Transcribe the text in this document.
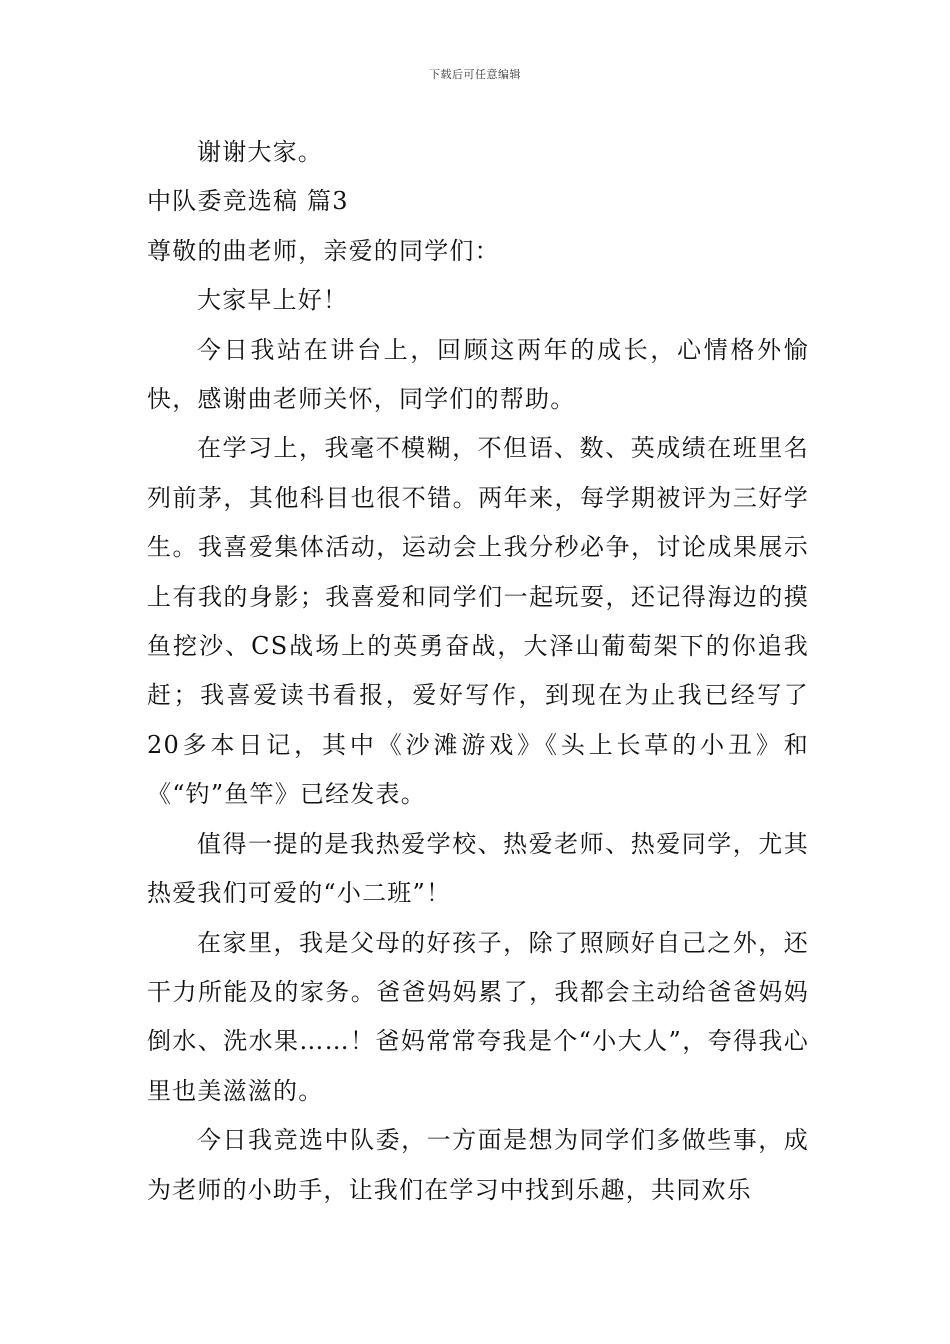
下载后可任意编辑

谢谢大家。

中队委竞选稿 篇3

尊敬的曲老师，亲爱的同学们：

大家早上好！

今日我站在讲台上，回顾这两年的成长，心情格外愉快，感谢曲老师关怀，同学们的帮助。

在学习上，我毫不模糊，不但语、数、英成绩在班里名列前茅，其他科目也很不错。两年来，每学期被评为三好学生。我喜爱集体活动，运动会上我分秒必争，讨论成果展示上有我的身影；我喜爱和同学们一起玩耍，还记得海边的摸鱼挖沙、CS战场上的英勇奋战，大泽山葡萄架下的你追我赶；我喜爱读书看报，爱好写作，到现在为止我已经写了20多本日记，其中《沙滩游戏》《头上长草的小丑》和《“钓”鱼竿》已经发表。

值得一提的是我热爱学校、热爱老师、热爱同学，尤其热爱我们可爱的“小二班”！

在家里，我是父母的好孩子，除了照顾好自己之外，还干力所能及的家务。爸爸妈妈累了，我都会主动给爸爸妈妈倒水、洗水果……！爸妈常常夸我是个“小大人”，夸得我心里也美滋滋的。

今日我竞选中队委，一方面是想为同学们多做些事，成为老师的小助手，让我们在学习中找到乐趣，共同欢乐
